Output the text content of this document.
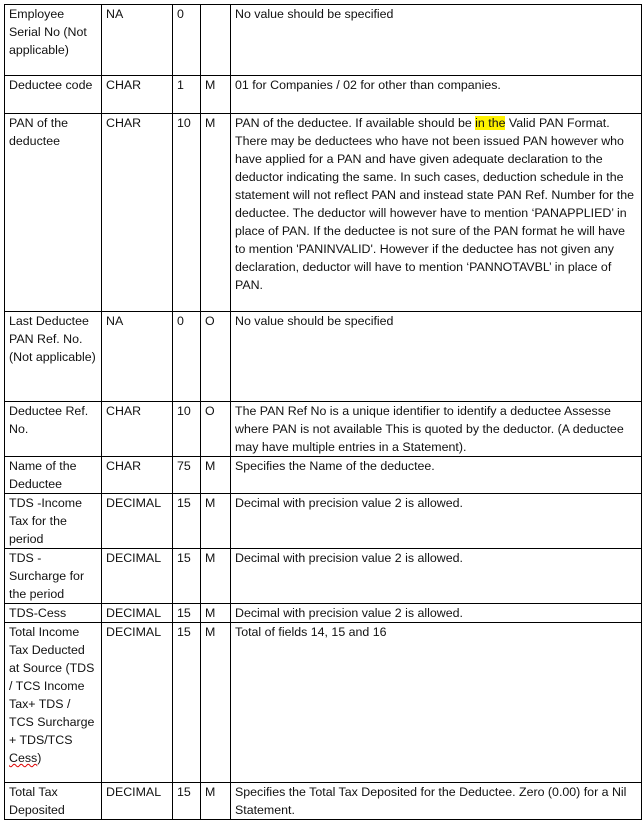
Employee Serial No (Not applicable)	NA	0		No value should be specified
Deductee code	CHAR	1	M	01 for Companies / 02 for other than companies.
PAN of the deductee	CHAR	10	M	PAN of the deductee. If available should be in the Valid PAN Format. There may be deductees who have not been issued PAN however who have applied for a PAN and have given adequate declaration to the deductor indicating the same. In such cases, deduction schedule in the statement will not reflect PAN and instead state PAN Ref. Number for the deductee. The deductor will however have to mention ‘PANAPPLIED’ in place of PAN. If the deductee is not sure of the PAN format he will have to mention 'PANINVALID'. However if the deductee has not given any declaration, deductor will have to mention ‘PANNOTAVBL’ in place of PAN.
Last Deductee PAN Ref. No. (Not applicable)	NA	0	O	No value should be specified
Deductee Ref. No.	CHAR	10	O	The PAN Ref No is a unique identifier to identify a deductee Assesse where PAN is not available This is quoted by the deductor. (A deductee may have multiple entries in a Statement).
Name of the Deductee	CHAR	75	M	Specifies the Name of the deductee.
TDS -Income Tax for the period	DECIMAL	15	M	Decimal with precision value 2 is allowed.
TDS - Surcharge for the period	DECIMAL	15	M	Decimal with precision value 2 is allowed.
TDS-Cess	DECIMAL	15	M	Decimal with precision value 2 is allowed.
Total Income Tax Deducted at Source (TDS / TCS Income Tax+ TDS / TCS Surcharge + TDS/TCS Cess)	DECIMAL	15	M	Total of fields 14, 15 and 16
Total Tax Deposited	DECIMAL	15	M	Specifies the Total Tax Deposited for the Deductee. Zero (0.00) for a Nil Statement.
